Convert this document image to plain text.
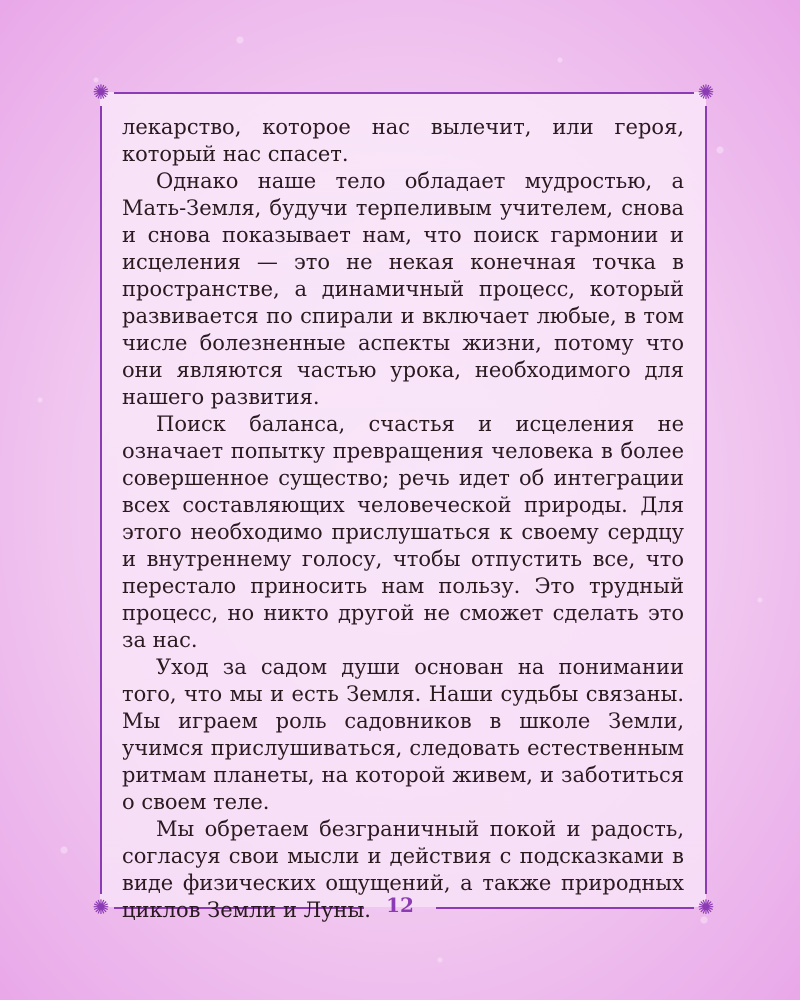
✺	✺
✺	✺

лекарство, которое нас вылечит, или героя, который нас спасет.

Однако наше тело обладает мудростью, а Мать-Земля, будучи терпеливым учителем, снова и снова показывает нам, что поиск гармонии и исцеления — это не некая конечная точка в пространстве, а динамичный процесс, который развивается по спирали и включает любые, в том числе болезненные аспекты жизни, потому что они являются частью урока, необходимого для нашего развития.

Поиск баланса, счастья и исцеления не означает попытку превращения человека в более совершенное существо; речь идет об интеграции всех составляющих человеческой природы. Для этого необходимо прислушаться к своему сердцу и внутреннему голосу, чтобы отпустить все, что перестало приносить нам пользу. Это трудный процесс, но никто другой не сможет сделать это за нас.

Уход за садом души основан на понимании того, что мы и есть Земля. Наши судьбы связаны. Мы играем роль садовников в школе Земли, учимся прислушиваться, следовать естественным ритмам планеты, на которой живем, и заботиться о своем теле.

Мы обретаем безграничный покой и радость, согласуя свои мысли и действия с подсказками в виде физических ощущений, а также природных циклов Земли и Луны. 12
